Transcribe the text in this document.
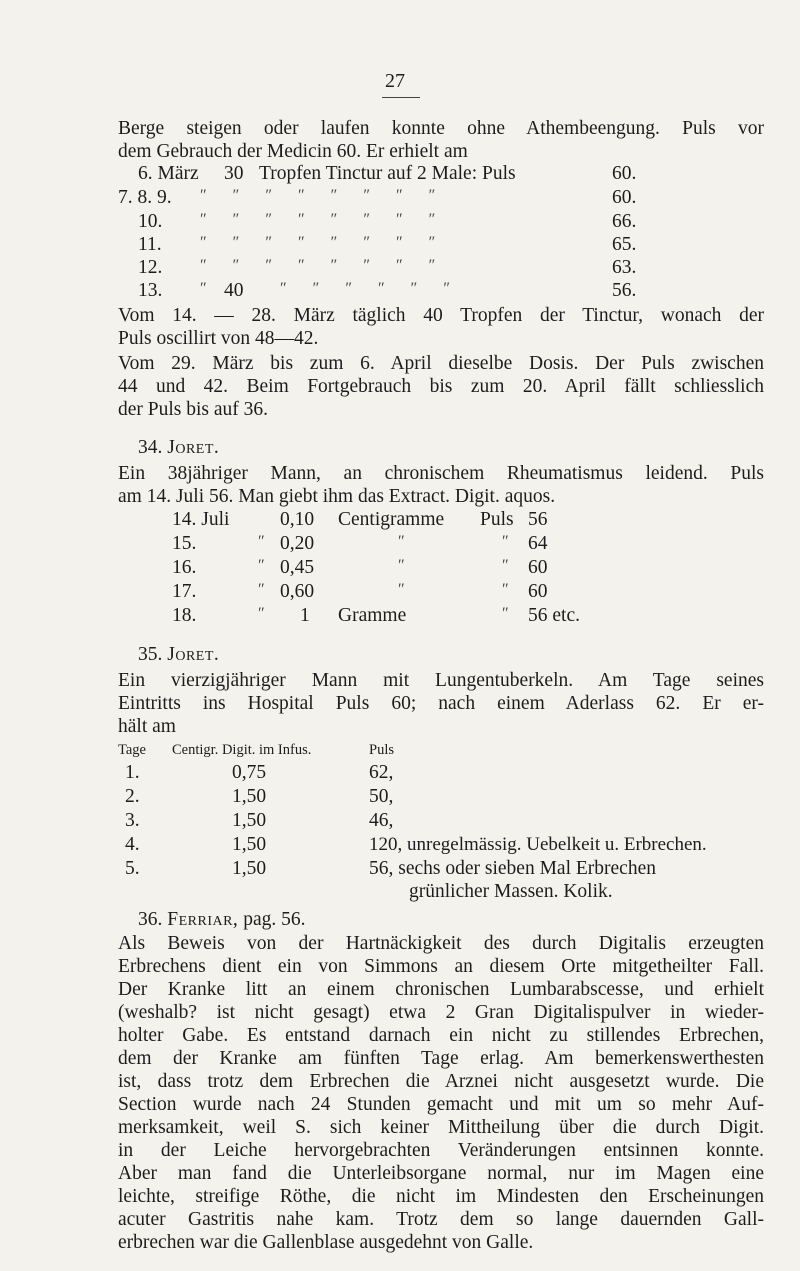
27
Berge steigen oder laufen konnte ohne Athembeengung. Puls vor
dem Gebrauch der Medicin 60. Er erhielt am
6. März 30 Tropfen Tinctur auf 2 Male: Puls	60.
7. 8. 9. ″ ″ ″ ″ ″ ″ ″ ″	60.
10. ″ ″ ″ ″ ″ ″ ″ ″	66.
11. ″ ″ ″ ″ ″ ″ ″ ″	65.
12. ″ ″ ″ ″ ″ ″ ″ ″	63.
13. ″ 40 ″ ″ ″ ″ ″ ″	56.
Vom 14. — 28. März täglich 40 Tropfen der Tinctur, wonach der
Puls oscillirt von 48—42.
Vom 29. März bis zum 6. April dieselbe Dosis. Der Puls zwischen
44 und 42. Beim Fortgebrauch bis zum 20. April fällt schliesslich
der Puls bis auf 36.
34. Joret.
Ein 38jähriger Mann, an chronischem Rheumatismus leidend. Puls
am 14. Juli 56. Man giebt ihm das Extract. Digit. aquos.
14. Juli	0,10 Centigramme Puls 56
15.	″ 0,20	″	″ 64
16.	″ 0,45	″	″ 60
17.	″ 0,60	″	″ 60
18.	″ 1 Gramme	″ 56 etc.
35. Joret.
Ein vierzigjähriger Mann mit Lungentuberkeln. Am Tage seines
Eintritts ins Hospital Puls 60; nach einem Aderlass 62. Er er-
hält am
Tage Centigr. Digit. im Infus.	Puls
1.	0,75	62,
2.	1,50	50,
3.	1,50	46,
4.	1,50	120, unregelmässig. Uebelkeit u. Erbrechen.
5.	1,50	56, sechs oder sieben Mal Erbrechen
grünlicher Massen. Kolik.
36. Ferriar, pag. 56.
Als Beweis von der Hartnäckigkeit des durch Digitalis erzeugten
Erbrechens dient ein von Simmons an diesem Orte mitgetheilter Fall.
Der Kranke litt an einem chronischen Lumbarabscesse, und erhielt
(weshalb? ist nicht gesagt) etwa 2 Gran Digitalispulver in wieder-
holter Gabe. Es entstand darnach ein nicht zu stillendes Erbrechen,
dem der Kranke am fünften Tage erlag. Am bemerkenswerthesten
ist, dass trotz dem Erbrechen die Arznei nicht ausgesetzt wurde. Die
Section wurde nach 24 Stunden gemacht und mit um so mehr Auf-
merksamkeit, weil S. sich keiner Mittheilung über die durch Digit.
in der Leiche hervorgebrachten Veränderungen entsinnen konnte.
Aber man fand die Unterleibsorgane normal, nur im Magen eine
leichte, streifige Röthe, die nicht im Mindesten den Erscheinungen
acuter Gastritis nahe kam. Trotz dem so lange dauernden Gall-
erbrechen war die Gallenblase ausgedehnt von Galle.
